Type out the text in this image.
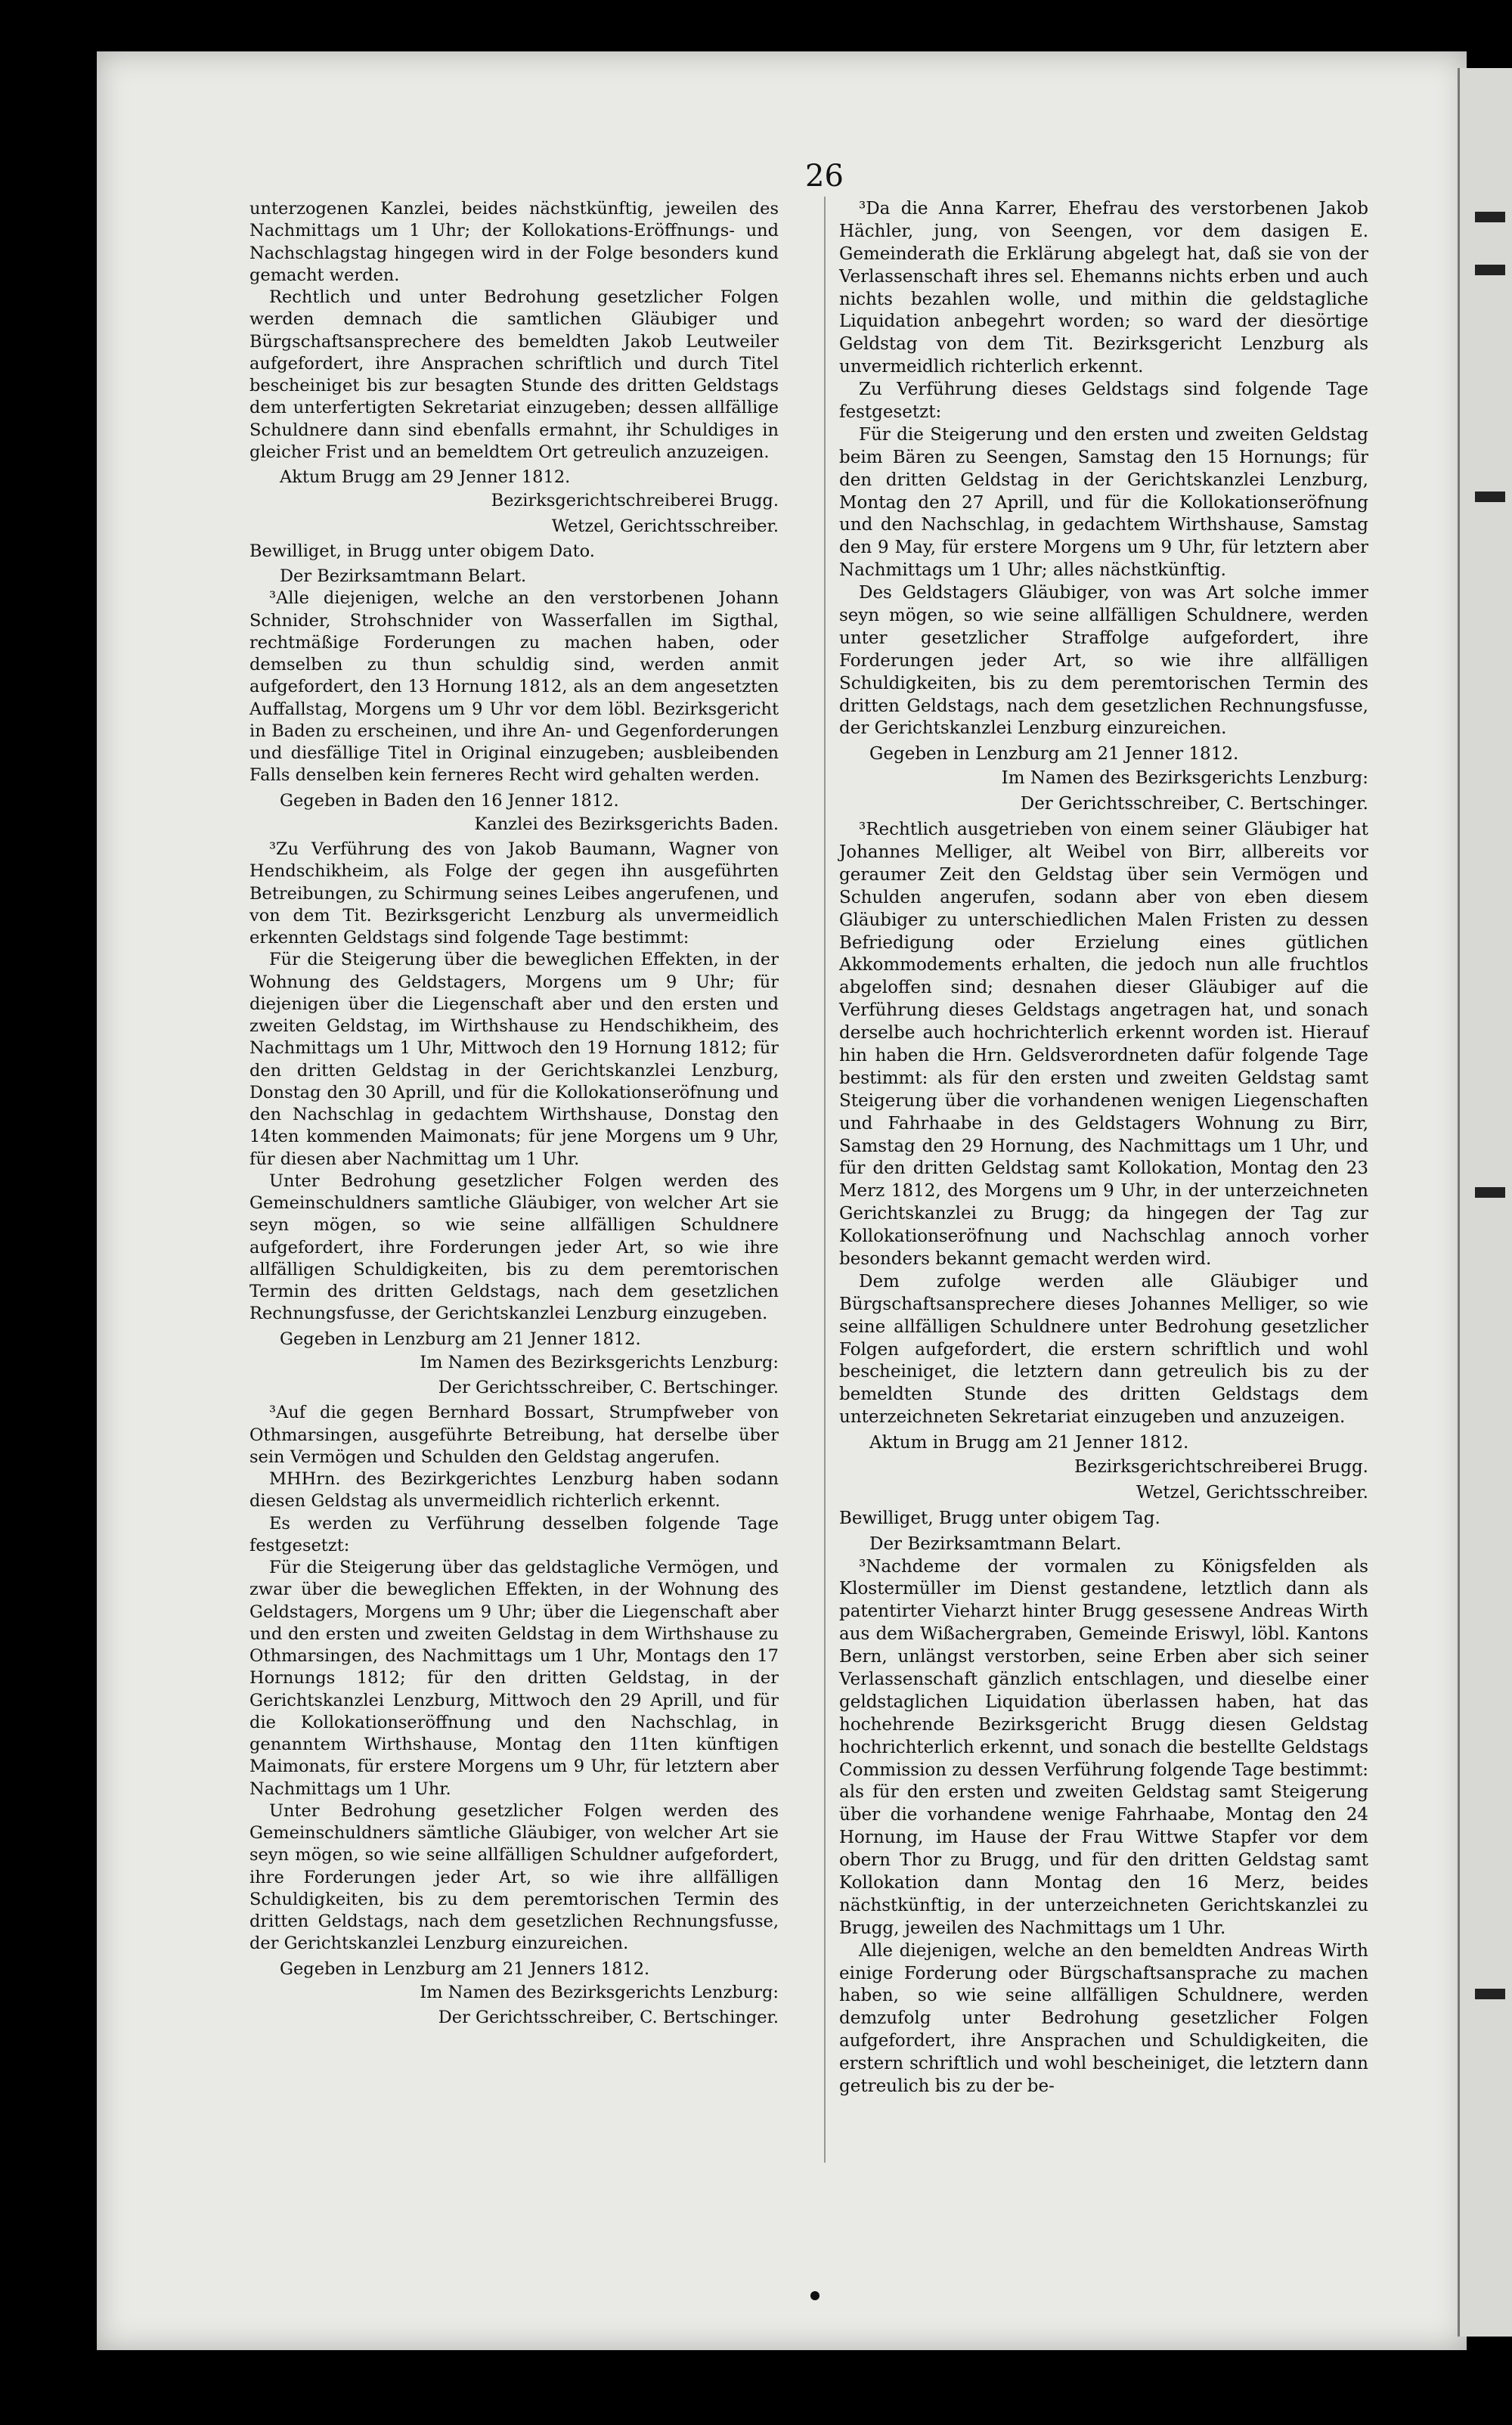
26

unterzogenen Kanzlei, beides nächstkünftig, jeweilen des Nachmittags um 1 Uhr; der Kollokations-Eröffnungs- und Nachschlagstag hingegen wird in der Folge besonders kund gemacht werden.

Rechtlich und unter Bedrohung gesetzlicher Folgen werden demnach die samtlichen Gläubiger und Bürgschaftsansprechere des bemeldten Jakob Leutweiler aufgefordert, ihre Ansprachen schriftlich und durch Titel bescheiniget bis zur besagten Stunde des dritten Geldstags dem unterfertigten Sekretariat einzugeben; dessen allfällige Schuldnere dann sind ebenfalls ermahnt, ihr Schuldiges in gleicher Frist und an bemeldtem Ort getreulich anzuzeigen.

Aktum Brugg am 29 Jenner 1812.

Bezirksgerichtschreiberei Brugg.

Wetzel, Gerichtsschreiber.

Bewilliget, in Brugg unter obigem Dato.

Der Bezirksamtmann Belart.

³Alle diejenigen, welche an den verstorbenen Johann Schnider, Strohschnider von Wasserfallen im Sigthal, rechtmäßige Forderungen zu machen haben, oder demselben zu thun schuldig sind, werden anmit aufgefordert, den 13 Hornung 1812, als an dem angesetzten Auffallstag, Morgens um 9 Uhr vor dem löbl. Bezirksgericht in Baden zu erscheinen, und ihre An- und Gegenforderungen und diesfällige Titel in Original einzugeben; ausbleibenden Falls denselben kein ferneres Recht wird gehalten werden.

Gegeben in Baden den 16 Jenner 1812.

Kanzlei des Bezirksgerichts Baden.

³Zu Verführung des von Jakob Baumann, Wagner von Hendschikheim, als Folge der gegen ihn ausgeführten Betreibungen, zu Schirmung seines Leibes angerufenen, und von dem Tit. Bezirksgericht Lenzburg als unvermeidlich erkennten Geldstags sind folgende Tage bestimmt:

Für die Steigerung über die beweglichen Effekten, in der Wohnung des Geldstagers, Morgens um 9 Uhr; für diejenigen über die Liegenschaft aber und den ersten und zweiten Geldstag, im Wirthshause zu Hendschikheim, des Nachmittags um 1 Uhr, Mittwoch den 19 Hornung 1812; für den dritten Geldstag in der Gerichtskanzlei Lenzburg, Donstag den 30 Aprill, und für die Kollokationseröfnung und den Nachschlag in gedachtem Wirthshause, Donstag den 14ten kommenden Maimonats; für jene Morgens um 9 Uhr, für diesen aber Nachmittag um 1 Uhr.

Unter Bedrohung gesetzlicher Folgen werden des Gemeinschuldners samtliche Gläubiger, von welcher Art sie seyn mögen, so wie seine allfälligen Schuldnere aufgefordert, ihre Forderungen jeder Art, so wie ihre allfälligen Schuldigkeiten, bis zu dem peremtorischen Termin des dritten Geldstags, nach dem gesetzlichen Rechnungsfusse, der Gerichtskanzlei Lenzburg einzugeben.

Gegeben in Lenzburg am 21 Jenner 1812.

Im Namen des Bezirksgerichts Lenzburg:

Der Gerichtsschreiber, C. Bertschinger.

³Auf die gegen Bernhard Bossart, Strumpfweber von Othmarsingen, ausgeführte Betreibung, hat derselbe über sein Vermögen und Schulden den Geldstag angerufen.

MHHrn. des Bezirkgerichtes Lenzburg haben sodann diesen Geldstag als unvermeidlich richterlich erkennt.

Es werden zu Verführung desselben folgende Tage festgesetzt:

Für die Steigerung über das geldstagliche Vermögen, und zwar über die beweglichen Effekten, in der Wohnung des Geldstagers, Morgens um 9 Uhr; über die Liegenschaft aber und den ersten und zweiten Geldstag in dem Wirthshause zu Othmarsingen, des Nachmittags um 1 Uhr, Montags den 17 Hornungs 1812; für den dritten Geldstag, in der Gerichtskanzlei Lenzburg, Mittwoch den 29 Aprill, und für die Kollokationseröffnung und den Nachschlag, in genanntem Wirthshause, Montag den 11ten künftigen Maimonats, für erstere Morgens um 9 Uhr, für letztern aber Nachmittags um 1 Uhr.

Unter Bedrohung gesetzlicher Folgen werden des Gemeinschuldners sämtliche Gläubiger, von welcher Art sie seyn mögen, so wie seine allfälligen Schuldner aufgefordert, ihre Forderungen jeder Art, so wie ihre allfälligen Schuldigkeiten, bis zu dem peremtorischen Termin des dritten Geldstags, nach dem gesetzlichen Rechnungsfusse, der Gerichtskanzlei Lenzburg einzureichen.

Gegeben in Lenzburg am 21 Jenners 1812.

Im Namen des Bezirksgerichts Lenzburg:

Der Gerichtsschreiber, C. Bertschinger.

³Da die Anna Karrer, Ehefrau des verstorbenen Jakob Hächler, jung, von Seengen, vor dem dasigen E. Gemeinderath die Erklärung abgelegt hat, daß sie von der Verlassenschaft ihres sel. Ehemanns nichts erben und auch nichts bezahlen wolle, und mithin die geldstagliche Liquidation anbegehrt worden; so ward der diesörtige Geldstag von dem Tit. Bezirksgericht Lenzburg als unvermeidlich richterlich erkennt.

Zu Verführung dieses Geldstags sind folgende Tage festgesetzt:

Für die Steigerung und den ersten und zweiten Geldstag beim Bären zu Seengen, Samstag den 15 Hornungs; für den dritten Geldstag in der Gerichtskanzlei Lenzburg, Montag den 27 Aprill, und für die Kollokationseröfnung und den Nachschlag, in gedachtem Wirthshause, Samstag den 9 May, für erstere Morgens um 9 Uhr, für letztern aber Nachmittags um 1 Uhr; alles nächstkünftig.

Des Geldstagers Gläubiger, von was Art solche immer seyn mögen, so wie seine allfälligen Schuldnere, werden unter gesetzlicher Straffolge aufgefordert, ihre Forderungen jeder Art, so wie ihre allfälligen Schuldigkeiten, bis zu dem peremtorischen Termin des dritten Geldstags, nach dem gesetzlichen Rechnungsfusse, der Gerichtskanzlei Lenzburg einzureichen.

Gegeben in Lenzburg am 21 Jenner 1812.

Im Namen des Bezirksgerichts Lenzburg:

Der Gerichtsschreiber, C. Bertschinger.

³Rechtlich ausgetrieben von einem seiner Gläubiger hat Johannes Melliger, alt Weibel von Birr, allbereits vor geraumer Zeit den Geldstag über sein Vermögen und Schulden angerufen, sodann aber von eben diesem Gläubiger zu unterschiedlichen Malen Fristen zu dessen Befriedigung oder Erzielung eines gütlichen Akkommodements erhalten, die jedoch nun alle fruchtlos abgeloffen sind; desnahen dieser Gläubiger auf die Verführung dieses Geldstags angetragen hat, und sonach derselbe auch hochrichterlich erkennt worden ist. Hierauf hin haben die Hrn. Geldsverordneten dafür folgende Tage bestimmt: als für den ersten und zweiten Geldstag samt Steigerung über die vorhandenen wenigen Liegenschaften und Fahrhaabe in des Geldstagers Wohnung zu Birr, Samstag den 29 Hornung, des Nachmittags um 1 Uhr, und für den dritten Geldstag samt Kollokation, Montag den 23 Merz 1812, des Morgens um 9 Uhr, in der unterzeichneten Gerichtskanzlei zu Brugg; da hingegen der Tag zur Kollokationseröfnung und Nachschlag annoch vorher besonders bekannt gemacht werden wird.

Dem zufolge werden alle Gläubiger und Bürgschaftsansprechere dieses Johannes Melliger, so wie seine allfälligen Schuldnere unter Bedrohung gesetzlicher Folgen aufgefordert, die erstern schriftlich und wohl bescheiniget, die letztern dann getreulich bis zu der bemeldten Stunde des dritten Geldstags dem unterzeichneten Sekretariat einzugeben und anzuzeigen.

Aktum in Brugg am 21 Jenner 1812.

Bezirksgerichtschreiberei Brugg.

Wetzel, Gerichtsschreiber.

Bewilliget, Brugg unter obigem Tag.

Der Bezirksamtmann Belart.

³Nachdeme der vormalen zu Königsfelden als Klostermüller im Dienst gestandene, letztlich dann als patentirter Vieharzt hinter Brugg gesessene Andreas Wirth aus dem Wißachergraben, Gemeinde Eriswyl, löbl. Kantons Bern, unlängst verstorben, seine Erben aber sich seiner Verlassenschaft gänzlich entschlagen, und dieselbe einer geldstaglichen Liquidation überlassen haben, hat das hochehrende Bezirksgericht Brugg diesen Geldstag hochrichterlich erkennt, und sonach die bestellte Geldstags Commission zu dessen Verführung folgende Tage bestimmt: als für den ersten und zweiten Geldstag samt Steigerung über die vorhandene wenige Fahrhaabe, Montag den 24 Hornung, im Hause der Frau Wittwe Stapfer vor dem obern Thor zu Brugg, und für den dritten Geldstag samt Kollokation dann Montag den 16 Merz, beides nächstkünftig, in der unterzeichneten Gerichtskanzlei zu Brugg, jeweilen des Nachmittags um 1 Uhr.

Alle diejenigen, welche an den bemeldten Andreas Wirth einige Forderung oder Bürgschaftsansprache zu machen haben, so wie seine allfälligen Schuldnere, werden demzufolg unter Bedrohung gesetzlicher Folgen aufgefordert, ihre Ansprachen und Schuldigkeiten, die erstern schriftlich und wohl bescheiniget, die letztern dann getreulich bis zu der be-
